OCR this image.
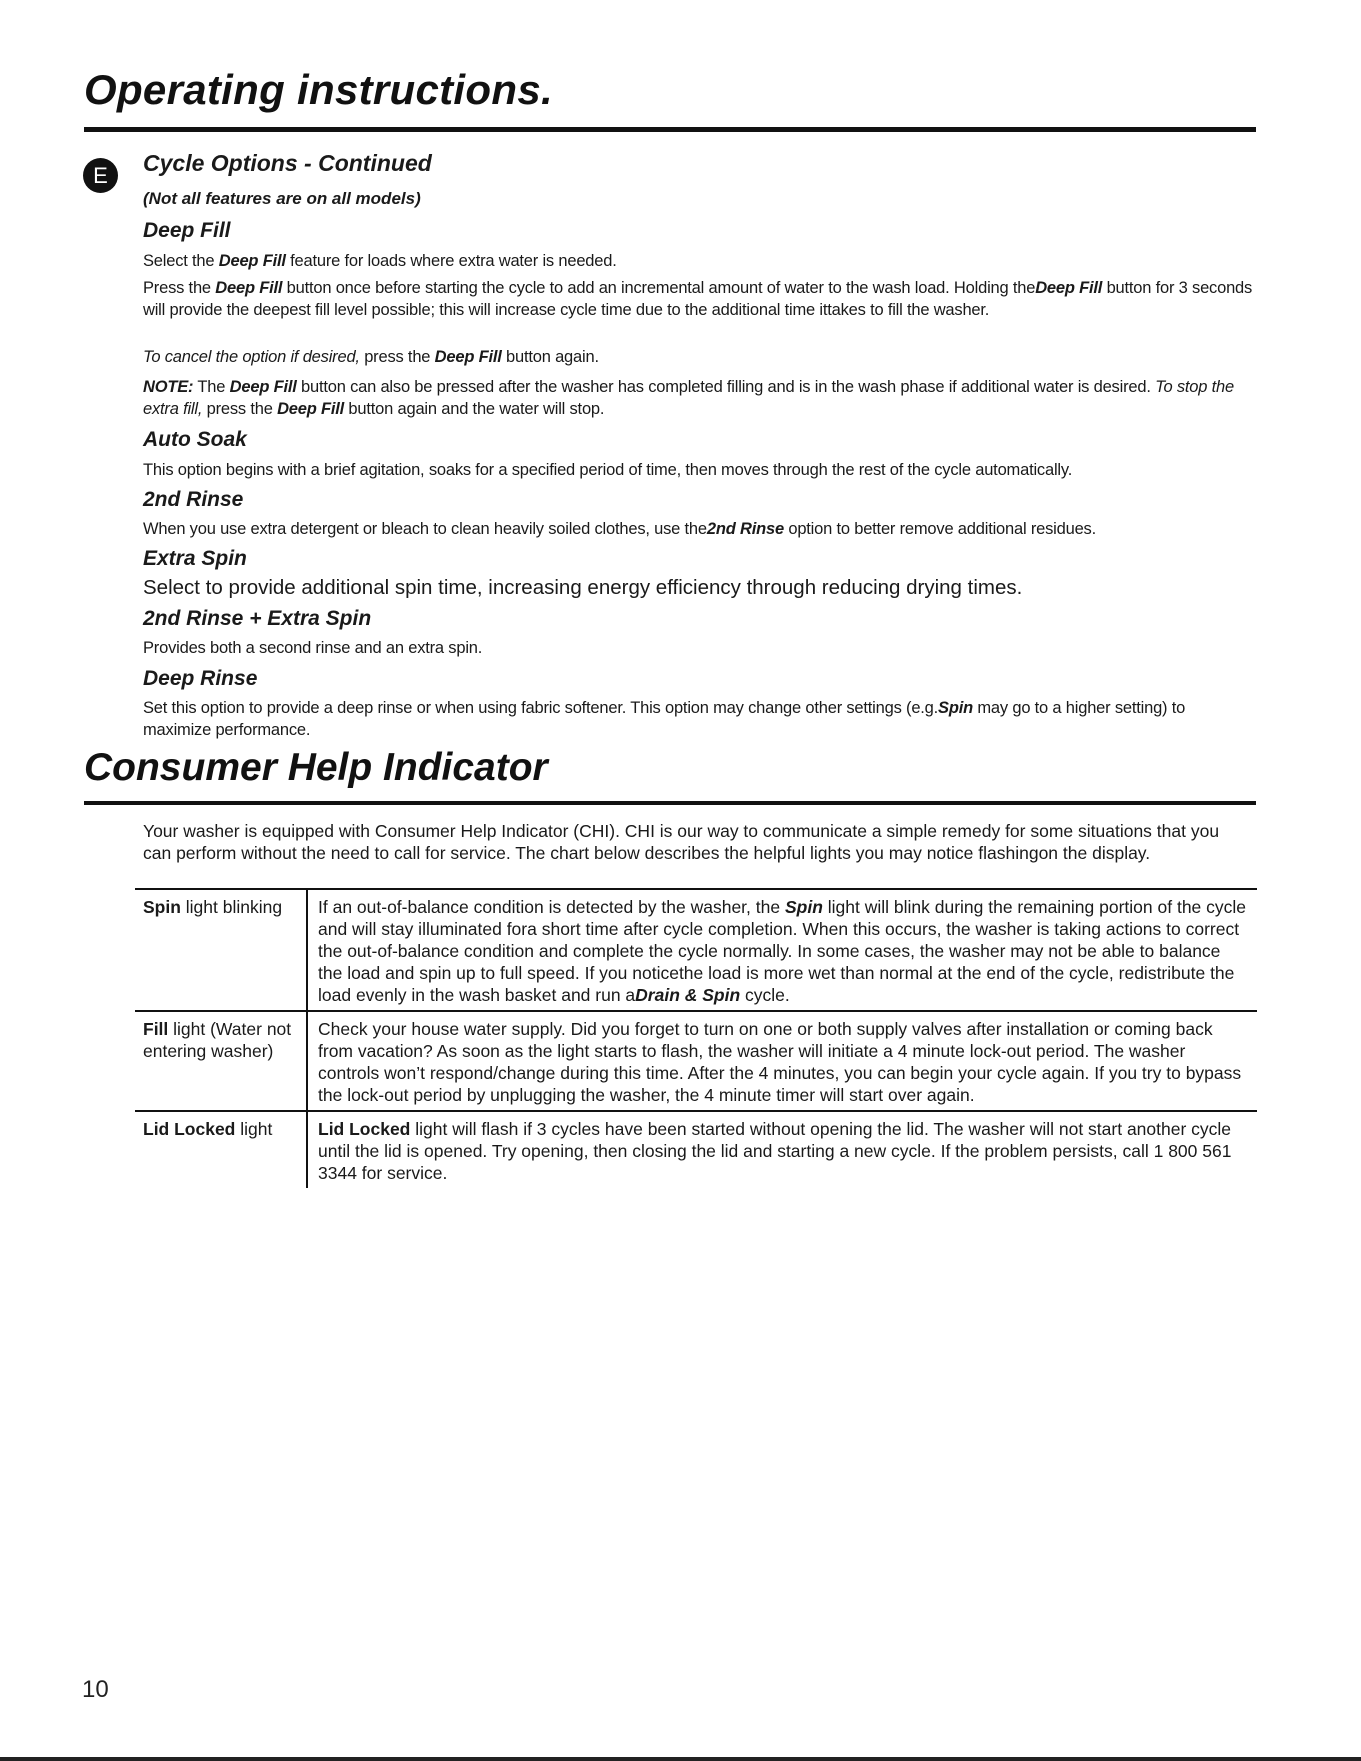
Operating instructions.
E	Cycle Options - Continued
(Not all features are on all models)
Deep Fill

Select the Deep Fill feature for loads where extra water is needed.

Press the Deep Fill button once before starting the cycle to add an incremental amount of water to the wash load. Holding theDeep Fill button for 3 seconds will provide the deepest fill level possible; this will increase cycle time due to the additional time ittakes to fill the washer.

To cancel the option if desired, press the Deep Fill button again.

NOTE: The Deep Fill button can also be pressed after the washer has completed filling and is in the wash phase if additional water is desired. To stop the extra fill, press the Deep Fill button again and the water will stop.

Auto Soak

This option begins with a brief agitation, soaks for a specified period of time, then moves through the rest of the cycle automatically.

2nd Rinse

When you use extra detergent or bleach to clean heavily soiled clothes, use the2nd Rinse option to better remove additional residues.

Extra Spin

Select to provide additional spin time, increasing energy efficiency through reducing drying times.

2nd Rinse + Extra Spin

Provides both a second rinse and an extra spin.

Deep Rinse

Set this option to provide a deep rinse or when using fabric softener. This option may change other settings (e.g.Spin may go to a higher setting) to maximize performance.

Consumer Help Indicator

Your washer is equipped with Consumer Help Indicator (CHI). CHI is our way to communicate a simple remedy for some situations that you can perform without the need to call for service. The chart below describes the helpful lights you may notice flashingon the display.

Spin light blinking	If an out-of-balance condition is detected by the washer, the Spin light will blink during the remaining portion of the cycle and will stay illuminated fora short time after cycle completion. When this occurs, the washer is taking actions to correct the out-of-balance condition and complete the cycle normally. In some cases, the washer may not be able to balance the load and spin up to full speed. If you noticethe load is more wet than normal at the end of the cycle, redistribute the load evenly in the wash basket and run aDrain & Spin cycle.
Fill light (Water not entering washer)	Check your house water supply. Did you forget to turn on one or both supply valves after installation or coming back from vacation? As soon as the light starts to flash, the washer will initiate a 4 minute lock-out period. The washer controls won’t respond/change during this time. After the 4 minutes, you can begin your cycle again. If you try to bypass the lock-out period by unplugging the washer, the 4 minute timer will start over again.
Lid Locked light	Lid Locked light will flash if 3 cycles have been started without opening the lid. The washer will not start another cycle until the lid is opened. Try opening, then closing the lid and starting a new cycle. If the problem persists, call 1 800 561 3344 for service.
10
